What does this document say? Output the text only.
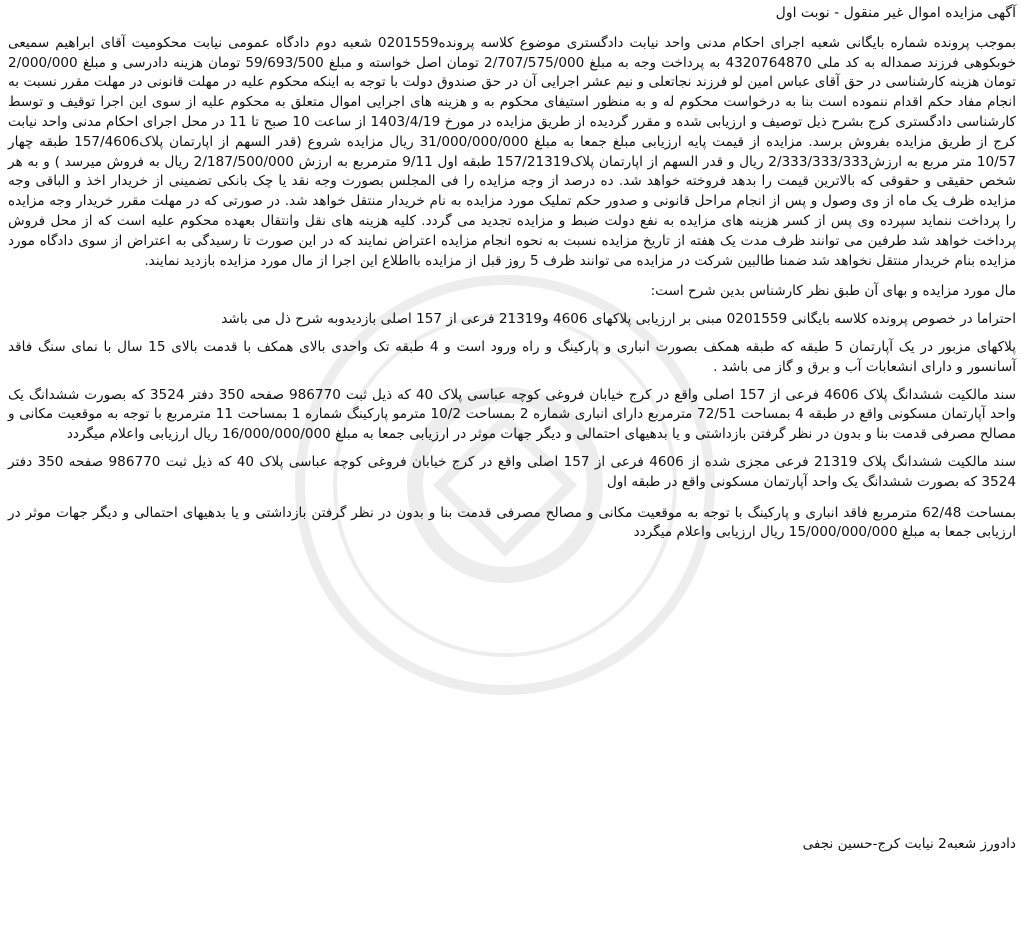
آگهی مزایده اموال غیر منقول - نوبت اول

بموجب پرونده شماره بایگانی شعبه اجرای احکام مدنی واحد نیابت دادگستری موضوع کلاسه پرونده0201559 شعبه دوم دادگاه عمومی نیابت محکومیت آقای ابراهیم سمیعی خوبکوهی فرزند صمداله به کد ملی 4320764870 به پرداخت وجه به مبلغ 2/707/575/000 تومان اصل خواسته و مبلغ 59/693/500 تومان هزینه دادرسی و مبلغ 2/000/000 تومان هزینه کارشناسی در حق آقای عباس امین لو فرزند نجاتعلی و نیم عشر اجرایی آن در حق صندوق دولت با توجه به اینکه محکوم علیه در مهلت قانونی در مهلت مقرر نسبت به انجام مفاد حکم اقدام ننموده است بنا به درخواست محکوم له و به منظور استیفای محکوم به و هزینه های اجرایی اموال متعلق به محکوم علیه از سوی این اجرا توقیف و توسط کارشناسی دادگستری کرج بشرح ذیل توصیف و ارزیابی شده و مقرر گردیده از طریق مزایده در مورخ 1403/4/19 از ساعت 10 صبح تا 11 در محل اجرای احکام مدنی واحد نیابت کرج از طریق مزایده بفروش برسد. مزایده از قیمت پایه ارزیابی مبلغ جمعا به مبلغ 31/000/000/000 ریال مزایده شروع (قدر السهم از اپارتمان پلاک157/4606 طبقه چهار 10/57 متر مربع به ارزش2/333/333/333 ریال و قدر السهم از اپارتمان پلاک157/21319 طبقه اول 9/11 مترمربع به ارزش 2/187/500/000 ریال به فروش میرسد ) و به هر شخص حقیقی و حقوقی که بالاترین قیمت را بدهد فروخته خواهد شد. ده درصد از وجه مزایده را فی المجلس بصورت وجه نقد یا چک بانکی تضمینی از خریدار اخذ و الباقی وجه مزایده ظرف یک ماه از وی وصول و پس از انجام مراحل قانونی و صدور حکم تملیک مورد مزایده به نام خریدار منتقل خواهد شد. در صورتی که در مهلت مقرر خریدار وجه مزایده را پرداخت ننماید سپرده وی پس از کسر هزینه های مزایده به نفع دولت ضبط و مزایده تجدید می گردد. کلیه هزینه های نقل وانتقال بعهده محکوم علیه است که از محل فروش پرداخت خواهد شد طرفین می توانند ظرف مدت یک هفته از تاریخ مزایده نسبت به نحوه انجام مزایده اعتراض نمایند که در این صورت تا رسیدگی به اعتراض از سوی دادگاه مورد مزایده بنام خریدار منتقل نخواهد شد ضمنا طالبین شرکت در مزایده می توانند ظرف 5 روز قبل از مزایده بااطلاع این اجرا از مال مورد مزایده بازدید نمایند.

مال مورد مزایده و بهای آن طبق نظر کارشناس بدین شرح است:

احتراما در خصوص پرونده کلاسه بایگانی 0201559 مبنی بر ارزیابی پلاکهای 4606 و21319 فرعی از 157 اصلی بازدیدوبه شرح ذل می باشد

پلاکهای مزبور در یک آپارتمان 5 طبقه که طبقه همکف بصورت انباری و پارکینگ و راه ورود است و 4 طبقه تک واحدی بالای همکف با قدمت بالای 15 سال با نمای سنگ فاقد آسانسور و دارای انشعابات آب و برق و گاز می باشد .

سند مالکیت ششدانگ پلاک 4606 فرعی از 157 اصلی واقع در کرج خیابان فروغی کوچه عباسی پلاک 40 که ذیل ثبت 986770 صفحه 350 دفتر 3524 که بصورت ششدانگ یک واحد آپارتمان مسکونی واقع در طبقه 4 بمساحت 72/51 مترمربع دارای انباری شماره 2 بمساحت 10/2 مترمو پارکینگ شماره 1 بمساحت 11 مترمربع با توجه به موقعیت مکانی و مصالح مصرفی قدمت بنا و بدون در نظر گرفتن بازداشتی و یا بدهیهای احتمالی و دیگر جهات موثر در ارزیابی جمعا به مبلغ 16/000/000/000 ریال ارزیابی واعلام میگردد

سند مالکیت ششدانگ پلاک 21319 فرعی مجزی شده از 4606 فرعی از 157 اصلی واقع در کرج خیابان فروغی کوچه عباسی پلاک 40 که ذیل ثبت 986770 صفحه 350 دفتر 3524 که بصورت ششدانگ یک واحد آپارتمان مسکونی واقع در طبقه اول

بمساحت 62/48 مترمربع فاقد انباری و پارکینگ با توجه به موقعیت مکانی و مصالح مصرفی قدمت بنا و بدون در نظر گرفتن بازداشتی و یا بدهیهای احتمالی و دیگر جهات موثر در ارزیابی جمعا به مبلغ 15/000/000/000 ریال ارزیابی واعلام میگردد

دادورز شعبه2 نیابت کرج-حسین نجفی
